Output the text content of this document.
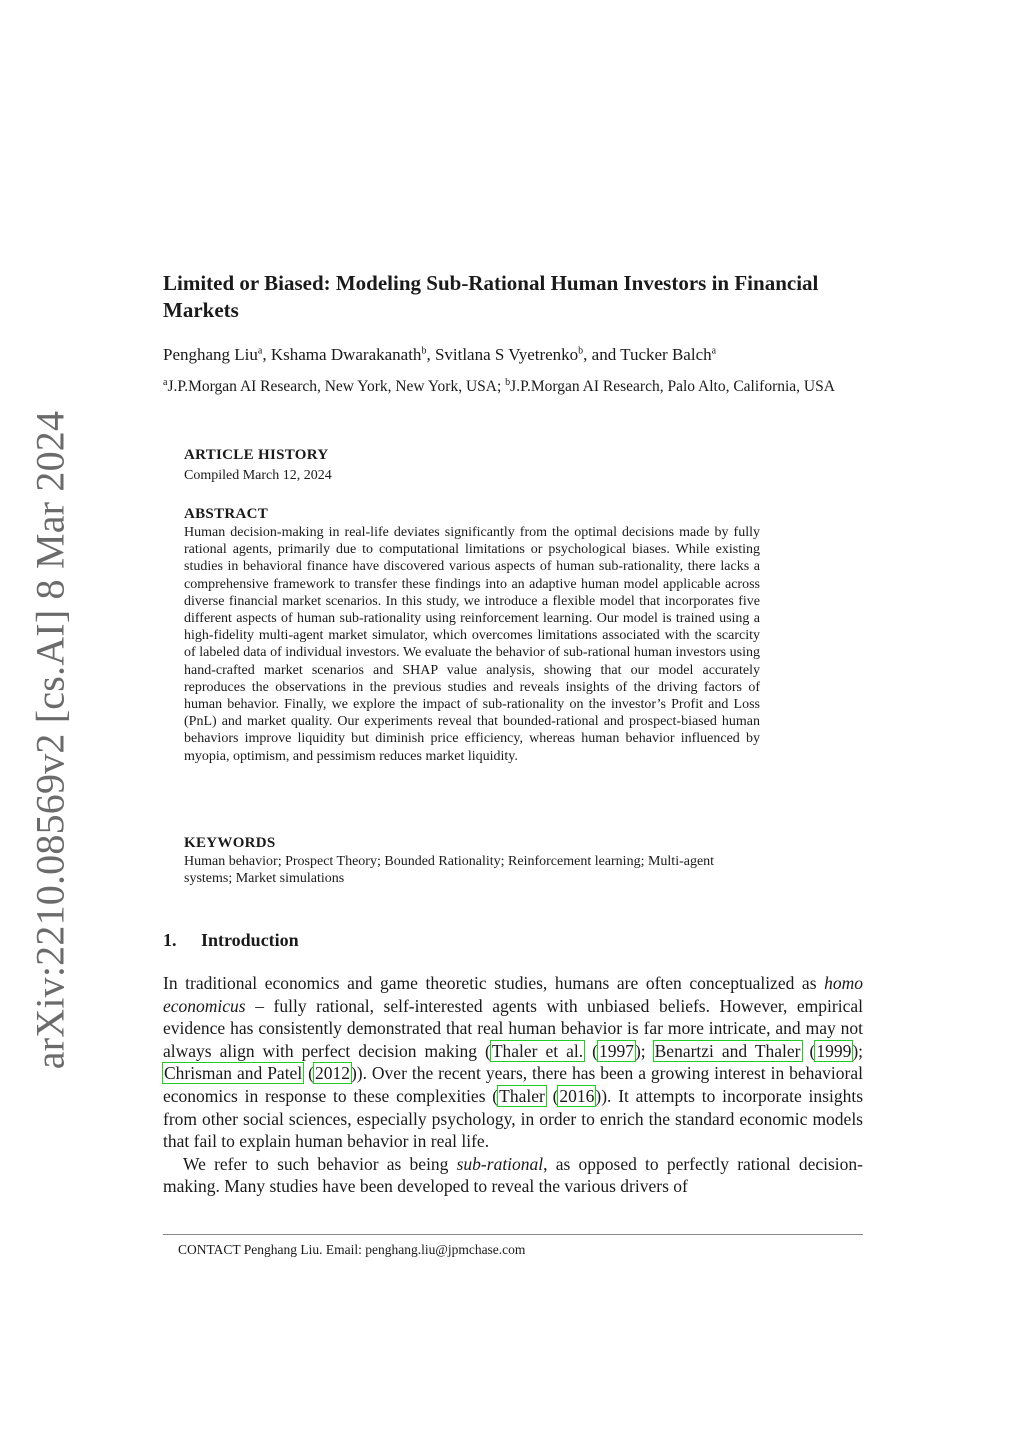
arXiv:2210.08569v2 [cs.AI] 8 Mar 2024
Limited or Biased: Modeling Sub-Rational Human Investors in Financial Markets
Penghang Liu$^a$, Kshama Dwarakanath$^b$, Svitlana S Vyetrenko$^b$, and Tucker Balch$^a$
$^a$J.P.Morgan AI Research, New York, New York, USA; $^b$J.P.Morgan AI Research, Palo Alto, California, USA
ARTICLE HISTORY
Compiled March 12, 2024
ABSTRACT
Human decision-making in real-life deviates significantly from the optimal decisions made by fully rational agents, primarily due to computational limitations or psychological biases. While existing studies in behavioral finance have discovered various aspects of human sub-rationality, there lacks a comprehensive framework to transfer these findings into an adaptive human model applicable across diverse financial market scenarios. In this study, we introduce a flexible model that incorporates five different aspects of human sub-rationality using reinforcement learning. Our model is trained using a high-fidelity multi-agent market simulator, which overcomes limitations associated with the scarcity of labeled data of individual investors. We evaluate the behavior of sub-rational human investors using hand-crafted market scenarios and SHAP value analysis, showing that our model accurately reproduces the observations in the previous studies and reveals insights of the driving factors of human behavior. Finally, we explore the impact of sub-rationality on the investor’s Profit and Loss (PnL) and market quality. Our experiments reveal that bounded-rational and prospect-biased human behaviors improve liquidity but diminish price efficiency, whereas human behavior influenced by myopia, optimism, and pessimism reduces market liquidity.
KEYWORDS
Human behavior; Prospect Theory; Bounded Rationality; Reinforcement learning; Multi-agent systems; Market simulations
1. Introduction

In traditional economics and game theoretic studies, humans are often conceptualized as homo economicus – fully rational, self-interested agents with unbiased beliefs. However, empirical evidence has consistently demonstrated that real human behavior is far more intricate, and may not always align with perfect decision making (Thaler et al. (1997); Benartzi and Thaler (1999); Chrisman and Patel (2012)). Over the recent years, there has been a growing interest in behavioral economics in response to these complexities (Thaler (2016)). It attempts to incorporate insights from other social sciences, especially psychology, in order to enrich the standard economic models that fail to explain human behavior in real life.

We refer to such behavior as being sub-rational, as opposed to perfectly rational decision-making. Many studies have been developed to reveal the various drivers of

CONTACT Penghang Liu. Email: penghang.liu@jpmchase.com
